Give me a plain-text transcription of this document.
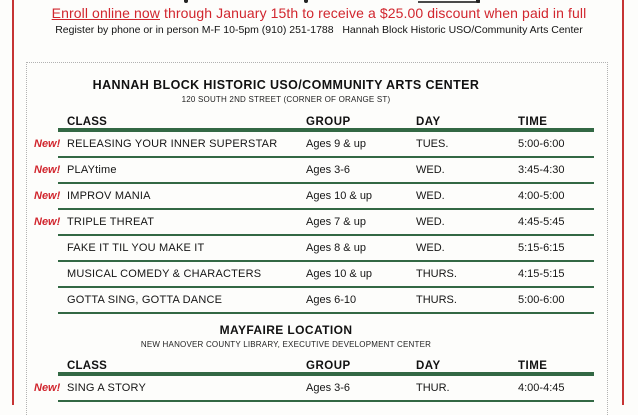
Enroll online now through January 15th to receive a $25.00 discount when paid in full
Register by phone or in person M-F 10-5pm (910) 251-1788   Hannah Block Historic USO/Community Arts Center
HANNAH BLOCK HISTORIC USO/COMMUNITY ARTS CENTER
120 SOUTH 2ND STREET (CORNER OF ORANGE ST)
CLASS	GROUP	DAY	TIME
New! RELEASING YOUR INNER SUPERSTAR	Ages 9 & up	TUES.	5:00-6:00
New! PLAYtime	Ages 3-6	WED.	3:45-4:30
New! IMPROV MANIA	Ages 10 & up	WED.	4:00-5:00
New! TRIPLE THREAT	Ages 7 & up	WED.	4:45-5:45
FAKE IT TIL YOU MAKE IT	Ages 8 & up	WED.	5:15-6:15
MUSICAL COMEDY & CHARACTERS	Ages 10 & up	THURS.	4:15-5:15
GOTTA SING, GOTTA DANCE	Ages 6-10	THURS.	5:00-6:00
MAYFAIRE LOCATION
NEW HANOVER COUNTY LIBRARY, EXECUTIVE DEVELOPMENT CENTER
CLASS	GROUP	DAY	TIME
New! SING A STORY	Ages 3-6	THUR.	4:00-4:45
